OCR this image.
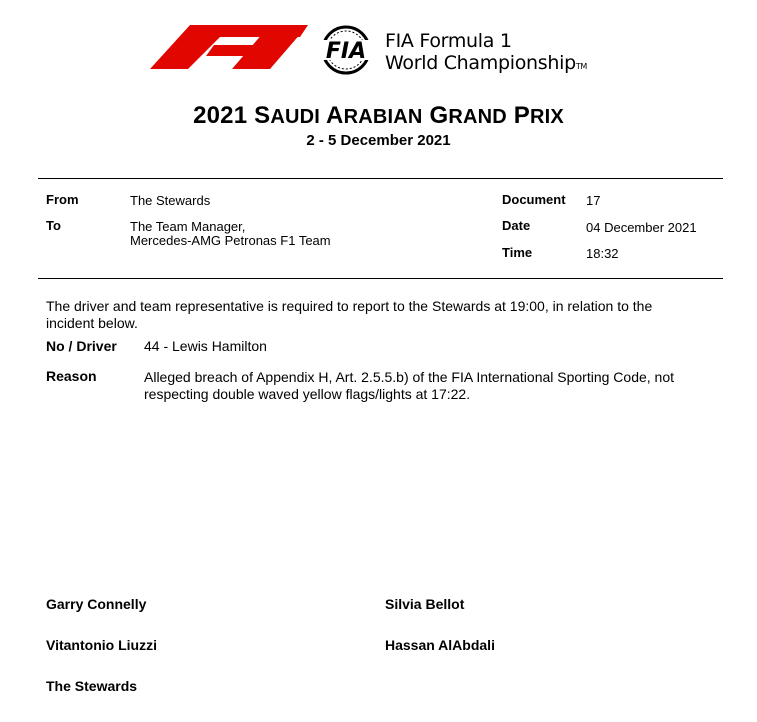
FIA FIA Formula 1
World ChampionshipTM
2021 SAUDI ARABIAN GRAND PRIX
2 - 5 December 2021
From	The Stewards
To	The Team Manager,
Mercedes-AMG Petronas F1 Team
Document 17
Date	04 December 2021
Time	18:32
The driver and team representative is required to report to the Stewards at 19:00, in relation to the
incident below.
No / Driver 44 - Lewis Hamilton
Reason	Alleged breach of Appendix H, Art. 2.5.5.b) of the FIA International Sporting Code, not
respecting double waved yellow flags/lights at 17:22.
Garry Connelly	Silvia Bellot
Vitantonio Liuzzi	Hassan AlAbdali
The Stewards
